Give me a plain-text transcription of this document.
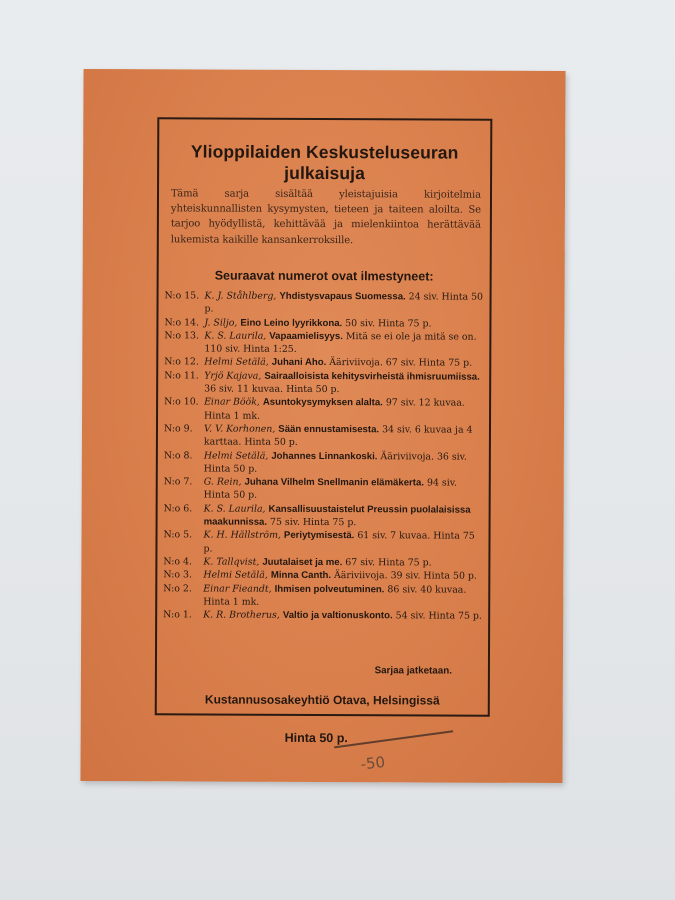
Ylioppilaiden Keskusteluseuran
julkaisuja
Tämä sarja sisältää yleistajuisia kirjoitelmia yhteiskunnallisten kysymysten, tieteen ja taiteen aloilta. Se tarjoo hyödyllistä, kehittävää ja mielenkiintoa herättävää lukemista kaikille kansankerroksille.
Seuraavat numerot ovat ilmestyneet:
N:o 15. K. J. Ståhlberg, Yhdistysvapaus Suomessa. 24 siv. Hinta 50 p.
N:o 14. J. Siljo, Eino Leino lyyrikkona. 50 siv. Hinta 75 p.
N:o 13. K. S. Laurila, Vapaamielisyys. Mitä se ei ole ja mitä se on. 110 siv. Hinta 1:25.
N:o 12. Helmi Setälä, Juhani Aho. Ääriviivoja. 67 siv. Hinta 75 p.
N:o 11. Yrjö Kajava, Sairaalloisista kehitysvirheistä ihmisruumiissa. 36 siv. 11 kuvaa. Hinta 50 p.
N:o 10. Einar Böök, Asuntokysymyksen alalta. 97 siv. 12 kuvaa. Hinta 1 mk.
N:o 9.	V. V. Korhonen, Sään ennustamisesta. 34 siv. 6 kuvaa ja 4 karttaa. Hinta 50 p.
N:o 8.	Helmi Setälä, Johannes Linnankoski. Ääriviivoja. 36 siv. Hinta 50 p.
N:o 7.	G. Rein, Juhana Vilhelm Snellmanin elämäkerta. 94 siv. Hinta 50 p.
N:o 6.	K. S. Laurila, Kansallisuustaistelut Preussin puolalaisissa maakunnissa. 75 siv. Hinta 75 p.
N:o 5.	K. H. Hällström, Periytymisestä. 61 siv. 7 kuvaa. Hinta 75 p.
N:o 4.	K. Tallqvist, Juutalaiset ja me. 67 siv. Hinta 75 p.
N:o 3.	Helmi Setälä, Minna Canth. Ääriviivoja. 39 siv. Hinta 50 p.
N:o 2.	Einar Fieandt, Ihmisen polveutuminen. 86 siv. 40 kuvaa. Hinta 1 mk.
N:o 1.	K. R. Brotherus, Valtio ja valtionuskonto. 54 siv. Hinta 75 p.
Sarjaa jatketaan.
Kustannusosakeyhtiö Otava, Helsingissä
Hinta 50 p.
-50
